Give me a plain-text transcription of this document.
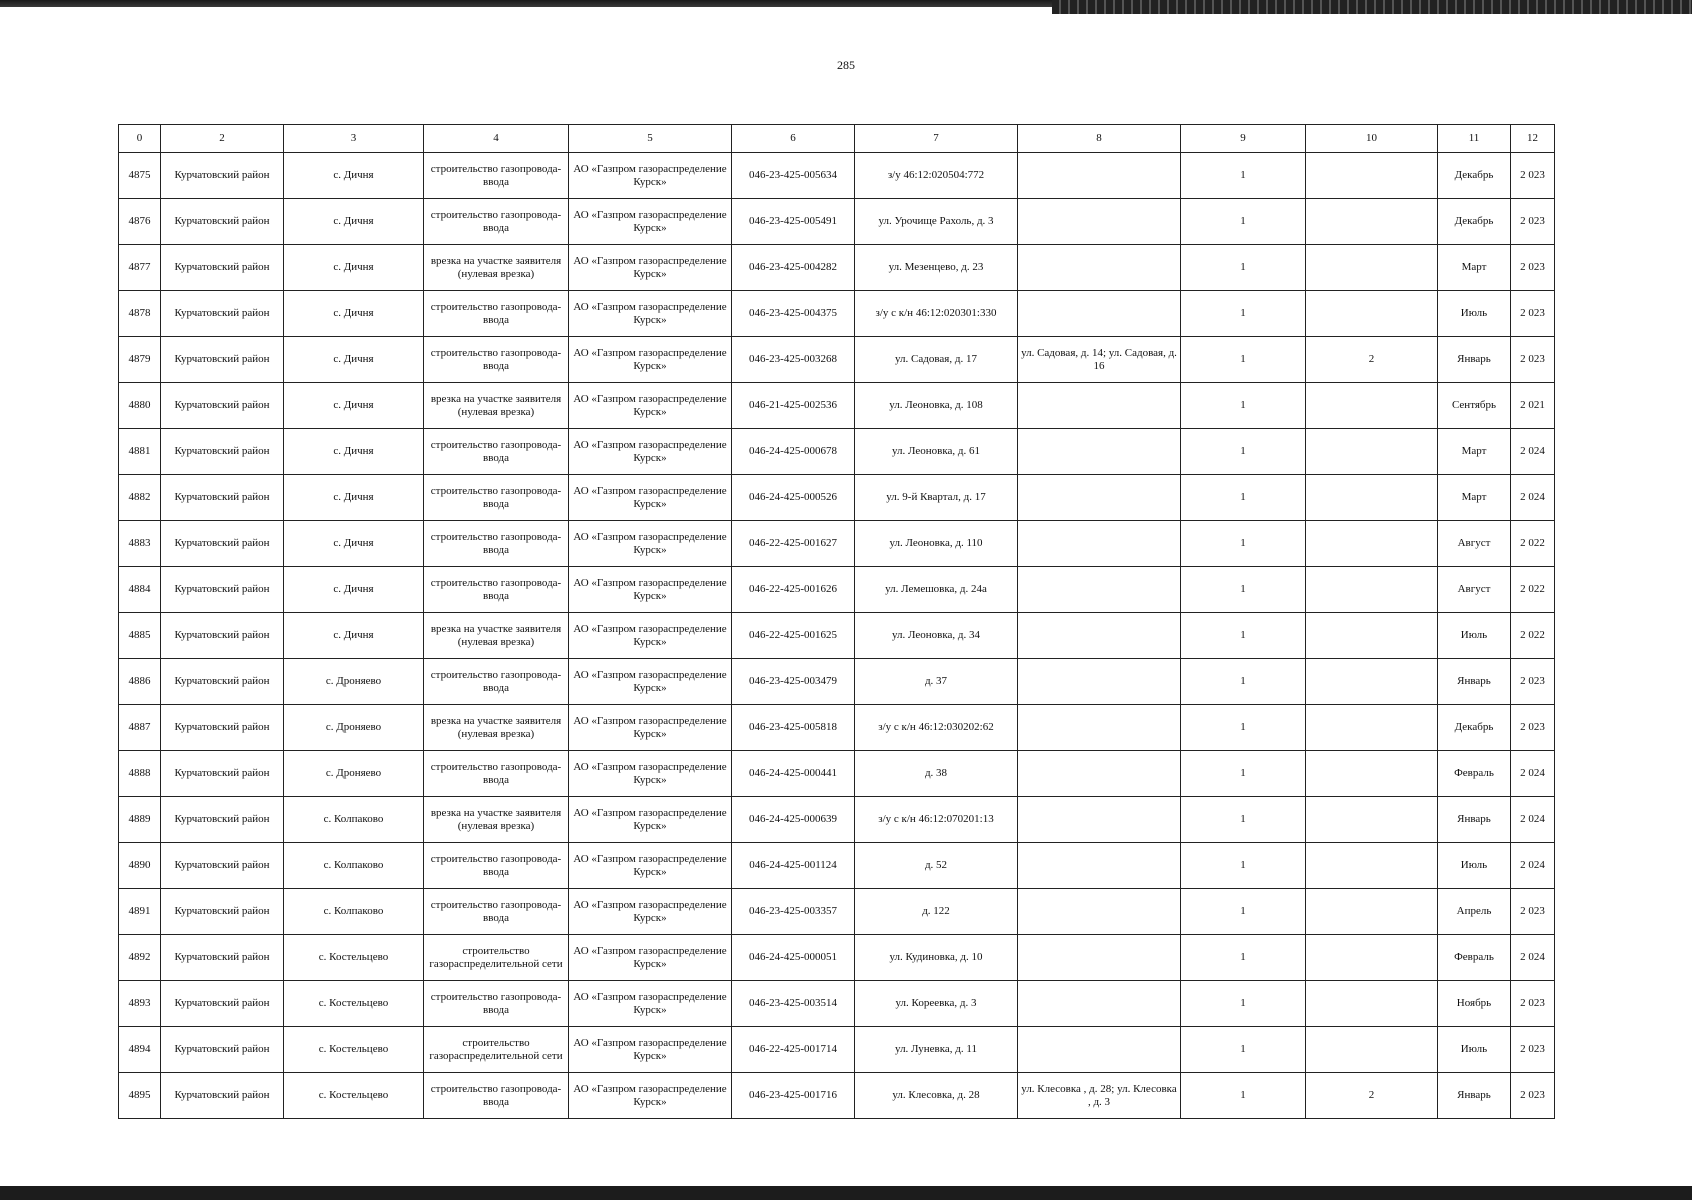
285
0	2	3	4	5	6	7	8	9	10	11	12
4875	Курчатовский район	с. Дичня	строительство газопровода-ввода	АО «Газпром газораспределение Курск»	046-23-425-005634	з/у 46:12:020504:772		1		Декабрь	2 023
4876	Курчатовский район	с. Дичня	строительство газопровода-ввода	АО «Газпром газораспределение Курск»	046-23-425-005491	ул. Урочище Рахоль, д. 3		1		Декабрь	2 023
4877	Курчатовский район	с. Дичня	врезка на участке заявителя (нулевая врезка)	АО «Газпром газораспределение Курск»	046-23-425-004282	ул. Мезенцево, д. 23		1		Март	2 023
4878	Курчатовский район	с. Дичня	строительство газопровода-ввода	АО «Газпром газораспределение Курск»	046-23-425-004375	з/у с к/н 46:12:020301:330		1		Июль	2 023
4879	Курчатовский район	с. Дичня	строительство газопровода-ввода	АО «Газпром газораспределение Курск»	046-23-425-003268	ул. Садовая, д. 17	ул. Садовая, д. 14; ул. Садовая, д. 16	1	2	Январь	2 023
4880	Курчатовский район	с. Дичня	врезка на участке заявителя (нулевая врезка)	АО «Газпром газораспределение Курск»	046-21-425-002536	ул. Леоновка, д. 108		1		Сентябрь	2 021
4881	Курчатовский район	с. Дичня	строительство газопровода-ввода	АО «Газпром газораспределение Курск»	046-24-425-000678	ул. Леоновка, д. 61		1		Март	2 024
4882	Курчатовский район	с. Дичня	строительство газопровода-ввода	АО «Газпром газораспределение Курск»	046-24-425-000526	ул. 9-й Квартал, д. 17		1		Март	2 024
4883	Курчатовский район	с. Дичня	строительство газопровода-ввода	АО «Газпром газораспределение Курск»	046-22-425-001627	ул. Леоновка, д. 110		1		Август	2 022
4884	Курчатовский район	с. Дичня	строительство газопровода-ввода	АО «Газпром газораспределение Курск»	046-22-425-001626	ул. Лемешовка, д. 24а		1		Август	2 022
4885	Курчатовский район	с. Дичня	врезка на участке заявителя (нулевая врезка)	АО «Газпром газораспределение Курск»	046-22-425-001625	ул. Леоновка, д. 34		1		Июль	2 022
4886	Курчатовский район	с. Дроняево	строительство газопровода-ввода	АО «Газпром газораспределение Курск»	046-23-425-003479	д. 37		1		Январь	2 023
4887	Курчатовский район	с. Дроняево	врезка на участке заявителя (нулевая врезка)	АО «Газпром газораспределение Курск»	046-23-425-005818	з/у с к/н 46:12:030202:62		1		Декабрь	2 023
4888	Курчатовский район	с. Дроняево	строительство газопровода-ввода	АО «Газпром газораспределение Курск»	046-24-425-000441	д. 38		1		Февраль	2 024
4889	Курчатовский район	с. Колпаково	врезка на участке заявителя (нулевая врезка)	АО «Газпром газораспределение Курск»	046-24-425-000639	з/у с к/н 46:12:070201:13		1		Январь	2 024
4890	Курчатовский район	с. Колпаково	строительство газопровода-ввода	АО «Газпром газораспределение Курск»	046-24-425-001124	д. 52		1		Июль	2 024
4891	Курчатовский район	с. Колпаково	строительство газопровода-ввода	АО «Газпром газораспределение Курск»	046-23-425-003357	д. 122		1		Апрель	2 023
4892	Курчатовский район	с. Костельцево	строительство газораспределительной сети	АО «Газпром газораспределение Курск»	046-24-425-000051	ул. Кудиновка, д. 10		1		Февраль	2 024
4893	Курчатовский район	с. Костельцево	строительство газопровода-ввода	АО «Газпром газораспределение Курск»	046-23-425-003514	ул. Кореевка, д. 3		1		Ноябрь	2 023
4894	Курчатовский район	с. Костельцево	строительство газораспределительной сети	АО «Газпром газораспределение Курск»	046-22-425-001714	ул. Луневка, д. 11		1		Июль	2 023
4895	Курчатовский район	с. Костельцево	строительство газопровода-ввода	АО «Газпром газораспределение Курск»	046-23-425-001716	ул. Клесовка, д. 28	ул. Клесовка , д. 28; ул. Клесовка , д. 3	1	2	Январь	2 023
